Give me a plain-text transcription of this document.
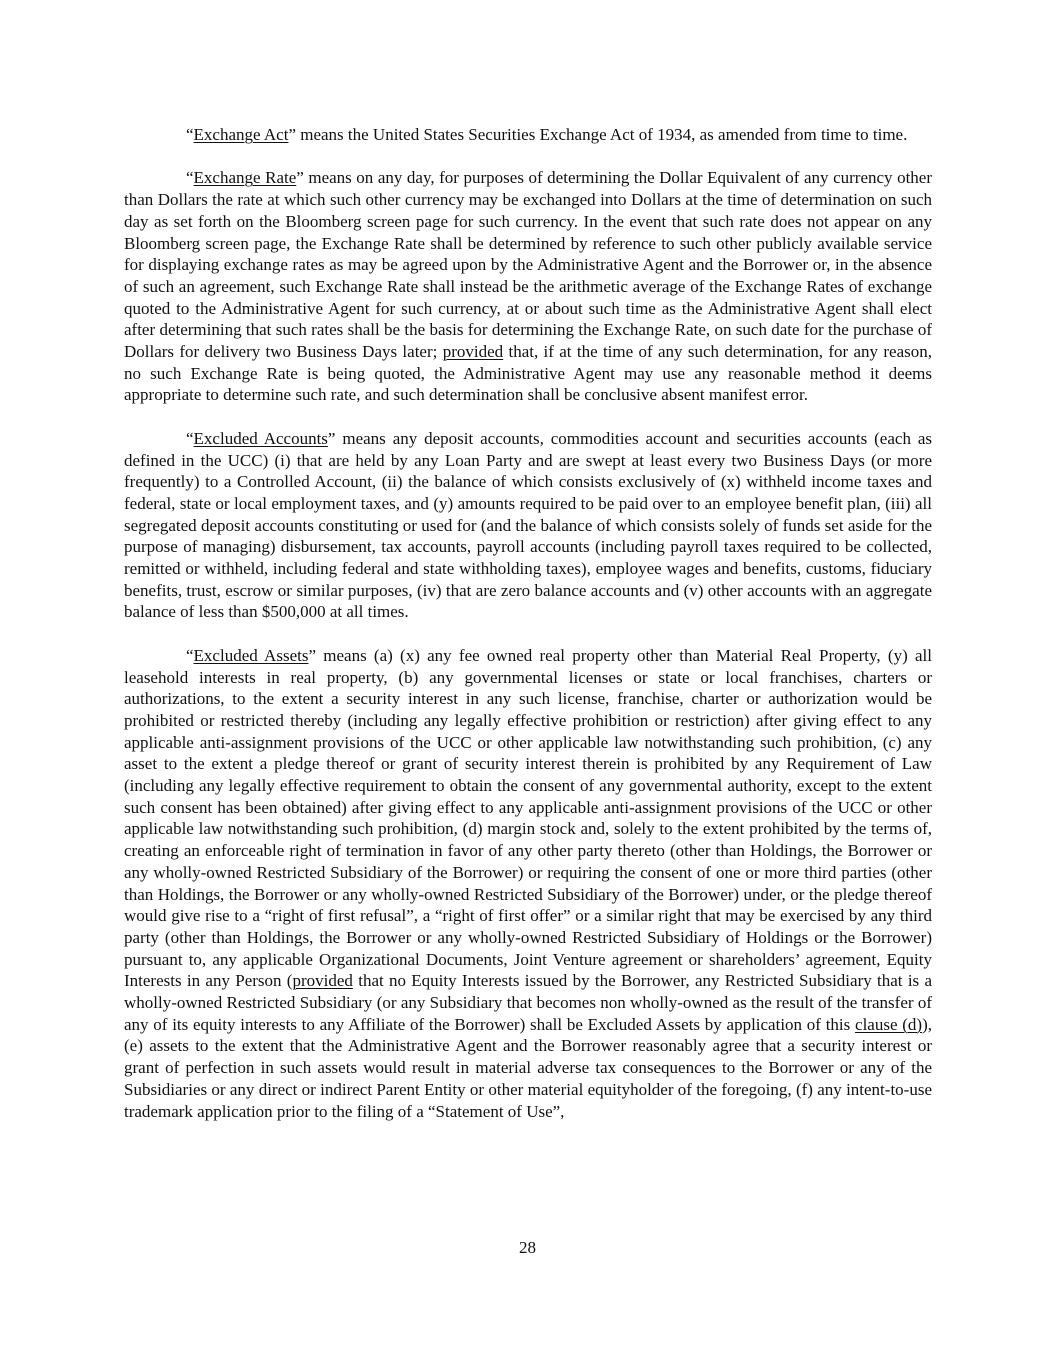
“Exchange Act” means the United States Securities Exchange Act of 1934, as amended from time to time.

“Exchange Rate” means on any day, for purposes of determining the Dollar Equivalent of any currency other than Dollars the rate at which such other currency may be exchanged into Dollars at the time of determination on such day as set forth on the Bloomberg screen page for such currency. In the event that such rate does not appear on any Bloomberg screen page, the Exchange Rate shall be determined by reference to such other publicly available service for displaying exchange rates as may be agreed upon by the Administrative Agent and the Borrower or, in the absence of such an agreement, such Exchange Rate shall instead be the arithmetic average of the Exchange Rates of exchange quoted to the Administrative Agent for such currency, at or about such time as the Administrative Agent shall elect after determining that such rates shall be the basis for determining the Exchange Rate, on such date for the purchase of Dollars for delivery two Business Days later; provided that, if at the time of any such determination, for any reason, no such Exchange Rate is being quoted, the Administrative Agent may use any reasonable method it deems appropriate to determine such rate, and such determination shall be conclusive absent manifest error.

“Excluded Accounts” means any deposit accounts, commodities account and securities accounts (each as defined in the UCC) (i) that are held by any Loan Party and are swept at least every two Business Days (or more frequently) to a Controlled Account, (ii) the balance of which consists exclusively of (x) withheld income taxes and federal, state or local employment taxes, and (y) amounts required to be paid over to an employee benefit plan, (iii) all segregated deposit accounts constituting or used for (and the balance of which consists solely of funds set aside for the purpose of managing) disbursement, tax accounts, payroll accounts (including payroll taxes required to be collected, remitted or withheld, including federal and state withholding taxes), employee wages and benefits, customs, fiduciary benefits, trust, escrow or similar purposes, (iv) that are zero balance accounts and (v) other accounts with an aggregate balance of less than $500,000 at all times.

“Excluded Assets” means (a) (x) any fee owned real property other than Material Real Property, (y) all leasehold interests in real property, (b) any governmental licenses or state or local franchises, charters or authorizations, to the extent a security interest in any such license, franchise, charter or authorization would be prohibited or restricted thereby (including any legally effective prohibition or restriction) after giving effect to any applicable anti-assignment provisions of the UCC or other applicable law notwithstanding such prohibition, (c) any asset to the extent a pledge thereof or grant of security interest therein is prohibited by any Requirement of Law (including any legally effective requirement to obtain the consent of any governmental authority, except to the extent such consent has been obtained) after giving effect to any applicable anti-assignment provisions of the UCC or other applicable law notwithstanding such prohibition, (d) margin stock and, solely to the extent prohibited by the terms of, creating an enforceable right of termination in favor of any other party thereto (other than Holdings, the Borrower or any wholly-owned Restricted Subsidiary of the Borrower) or requiring the consent of one or more third parties (other than Holdings, the Borrower or any wholly-owned Restricted Subsidiary of the Borrower) under, or the pledge thereof would give rise to a “right of first refusal”, a “right of first offer” or a similar right that may be exercised by any third party (other than Holdings, the Borrower or any wholly-owned Restricted Subsidiary of Holdings or the Borrower) pursuant to, any applicable Organizational Documents, Joint Venture agreement or shareholders’ agreement, Equity Interests in any Person (provided that no Equity Interests issued by the Borrower, any Restricted Subsidiary that is a wholly-owned Restricted Subsidiary (or any Subsidiary that becomes non wholly-owned as the result of the transfer of any of its equity interests to any Affiliate of the Borrower) shall be Excluded Assets by application of this clause (d)), (e) assets to the extent that the Administrative Agent and the Borrower reasonably agree that a security interest or grant of perfection in such assets would result in material adverse tax consequences to the Borrower or any of the Subsidiaries or any direct or indirect Parent Entity or other material equityholder of the foregoing, (f) any intent-to-use trademark application prior to the filing of a “Statement of Use”,

28
